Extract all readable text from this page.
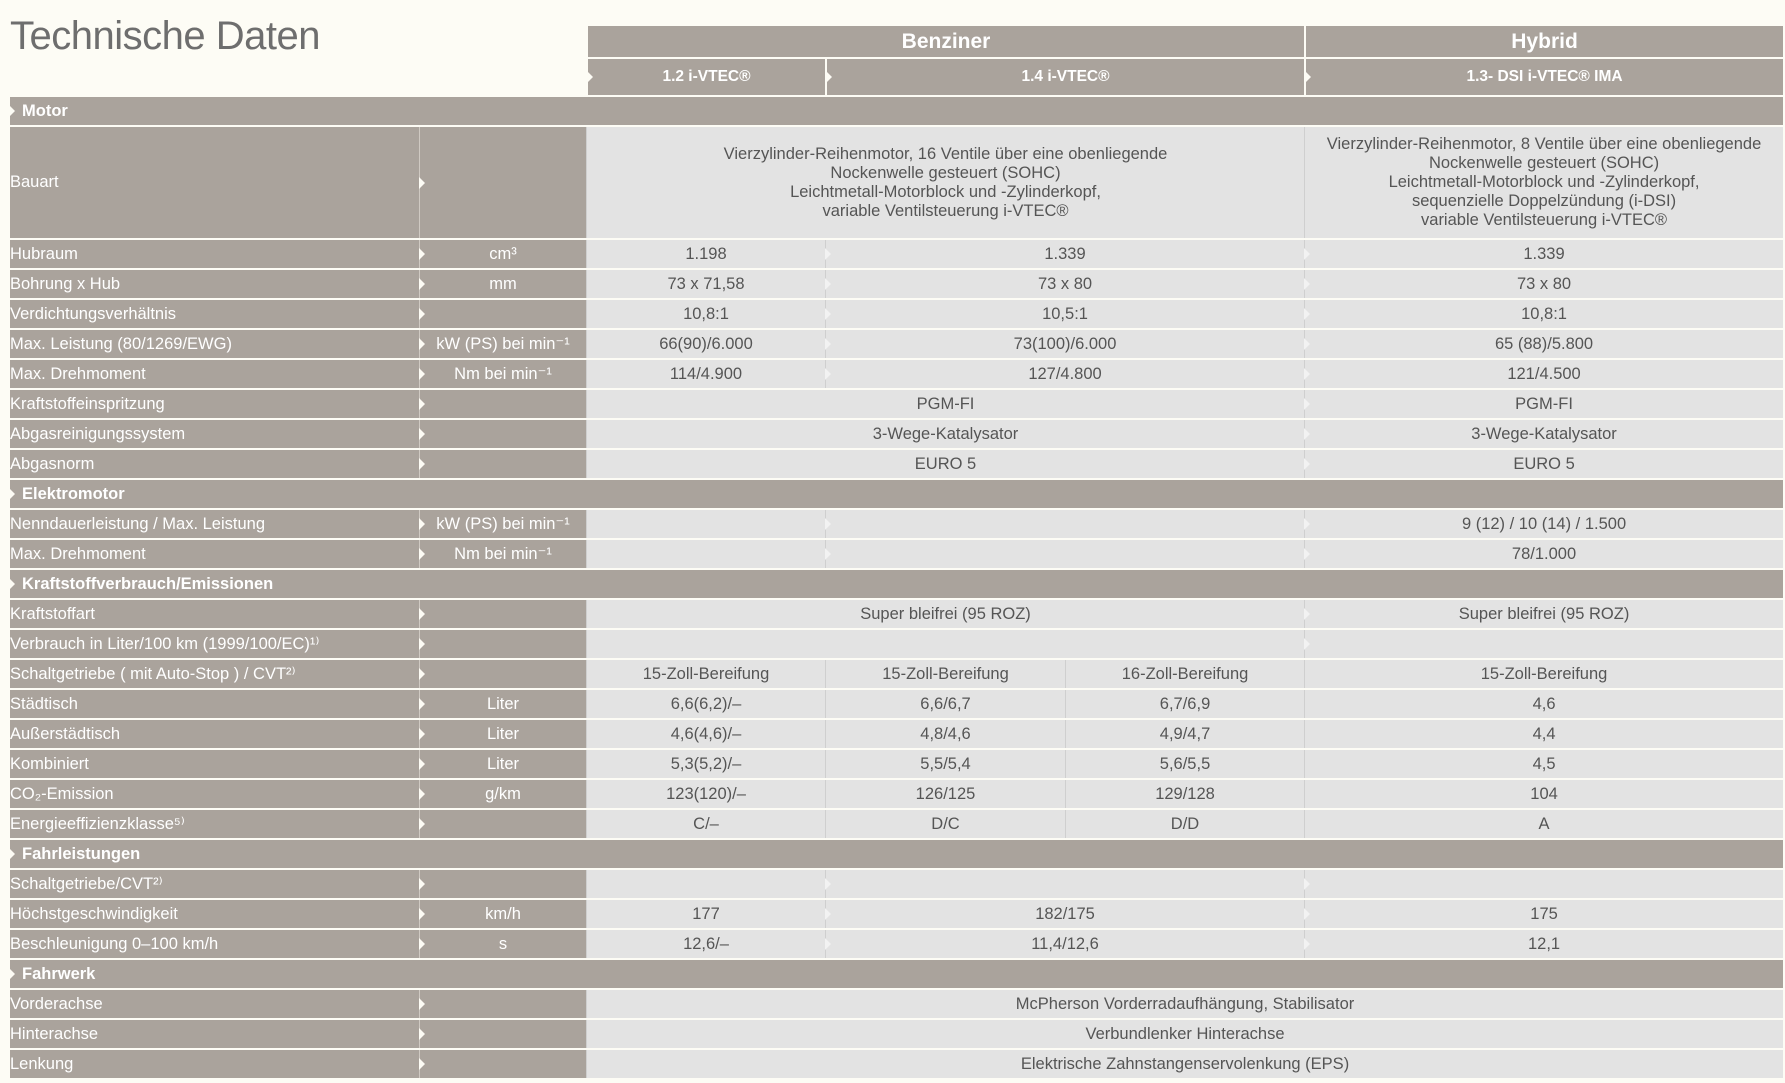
Technische Daten
		Benziner			Hybrid

1.2 i-VTEC®	1.4 i-VTEC®		1.3- DSI i-VTEC® IMA

Motor					
Bauart		Vierzylinder-Reihenmotor, 16 Ventile über eine obenliegende
Nockenwelle gesteuert (SOHC)
Leichtmetall-Motorblock und -Zylinderkopf,
variable Ventilsteuerung i-VTEC®			Vierzylinder-Reihenmotor, 8 Ventile über eine obenliegende
Nockenwelle gesteuert (SOHC)
Leichtmetall-Motorblock und -Zylinderkopf,
sequenzielle Doppelzündung (i-DSI)
variable Ventilsteuerung i-VTEC®

Hubraum	cm³	1.198	1.339		1.339
Bohrung x Hub	mm	73 x 71,58	73 x 80		73 x 80
Verdichtungsverhältnis		10,8:1	10,5:1		10,8:1
Max. Leistung (80/1269/EWG)	kW (PS) bei min⁻¹	66(90)/6.000	73(100)/6.000		65 (88)/5.800
Max. Drehmoment	Nm bei min⁻¹	114/4.900	127/4.800		121/4.500
Kraftstoffeinspritzung		PGM-FI			PGM-FI
Abgasreinigungssystem		3-Wege-Katalysator			3-Wege-Katalysator
Abgasnorm		EURO 5			EURO 5

Elektromotor					
Nenndauerleistung / Max. Leistung	kW (PS) bei min⁻¹				9 (12) / 10 (14) / 1.500
Max. Drehmoment	Nm bei min⁻¹				78/1.000

Kraftstoffverbrauch/Emissionen					
Kraftstoffart		Super bleifrei (95 ROZ)			Super bleifrei (95 ROZ)
Verbrauch in Liter/100 km (1999/100/EC)¹⁾			

Schaltgetriebe ( mit Auto-Stop ) / CVT²⁾		15-Zoll-Bereifung	15-Zoll-Bereifung	16-Zoll-Bereifung	15-Zoll-Bereifung
Städtisch	Liter	6,6(6,2)/–	6,6/6,7	6,7/6,9	4,6
Außerstädtisch	Liter	4,6(4,6)/–	4,8/4,6	4,9/4,7	4,4
Kombiniert	Liter	5,3(5,2)/–	5,5/5,4	5,6/5,5	4,5
CO₂-Emission	g/km	123(120)/–	126/125	129/128	104
Energieeffizienzklasse⁵⁾		C/–	D/C	D/D	A

Fahrleistungen					
Schaltgetriebe/CVT²⁾		

Höchstgeschwindigkeit	km/h	177	182/175		175
Beschleunigung 0–100 km/h	s	12,6/–	11,4/12,6		12,1

Fahrwerk					
Vorderachse		McPherson Vorderradaufhängung, Stabilisator			
Hinterachse		Verbundlenker Hinterachse			
Lenkung		Elektrische Zahnstangenservolenkung (EPS)			
